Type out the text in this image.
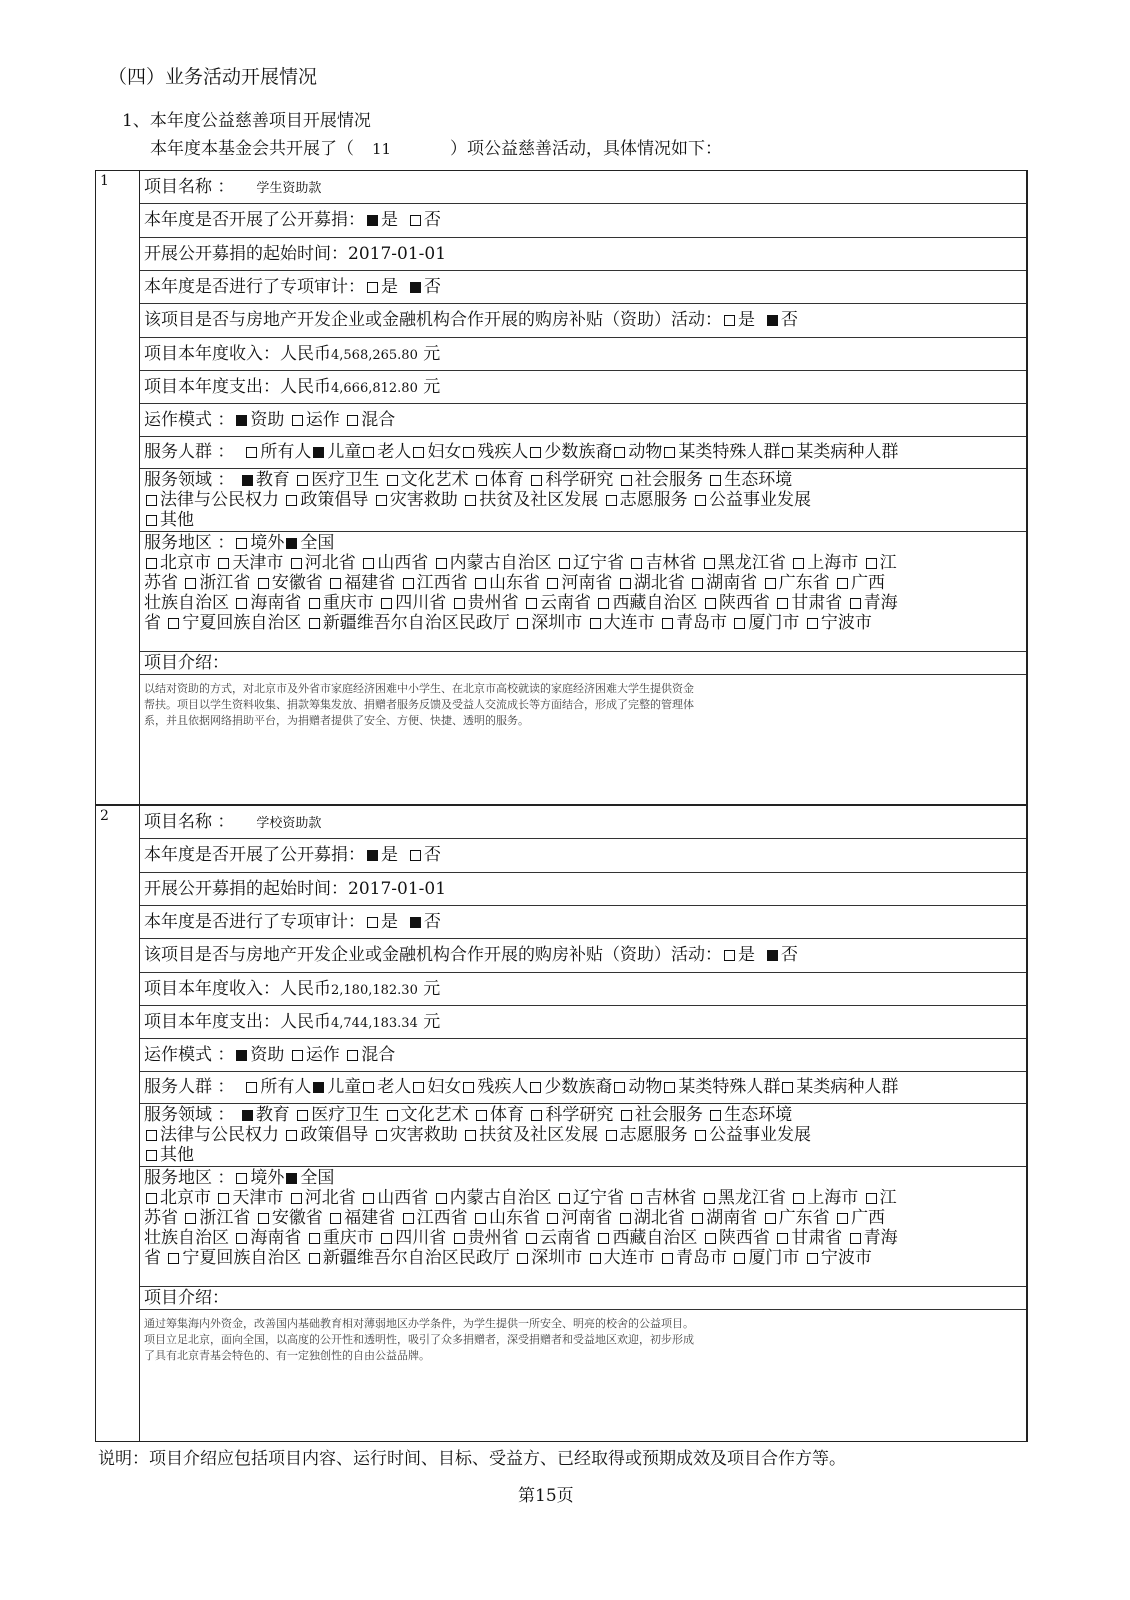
（四）业务活动开展情况
1、本年度公益慈善项目开展情况
本年度本基金会共开展了（ 11	）项公益慈善活动，具体情况如下：
1	项目名称 ： 学生资助款
本年度是否开展了公开募捐： 是 否
开展公开募捐的起始时间：2017-01-01
本年度是否进行了专项审计： 是 否
该项目是否与房地产开发企业或金融机构合作开展的购房补贴（资助）活动： 是 否
项目本年度收入：人民币4,568,265.80 元
项目本年度支出：人民币4,666,812.80 元
运作模式 ： 资助 运作 混合
服务人群 ： 所有人 儿童 老人 妇女 残疾人 少数族裔 动物 某类特殊人群 某类病种人群
服务领域 ： 教育 医疗卫生 文化艺术 体育 科学研究 社会服务 生态环境
法律与公民权力 政策倡导 灾害救助 扶贫及社区发展 志愿服务 公益事业发展
其他
服务地区 ： 境外 全国
北京市 天津市 河北省 山西省 内蒙古自治区 辽宁省 吉林省 黑龙江省 上海市 江
苏省 浙江省 安徽省 福建省 江西省 山东省 河南省 湖北省 湖南省 广东省 广西
壮族自治区 海南省 重庆市 四川省 贵州省 云南省 西藏自治区 陕西省 甘肃省 青海
省 宁夏回族自治区 新疆维吾尔自治区民政厅 深圳市 大连市 青岛市 厦门市 宁波市
项目介绍：
以结对资助的方式，对北京市及外省市家庭经济困难中小学生、在北京市高校就读的家庭经济困难大学生提供资金
帮扶。项目以学生资料收集、捐款筹集发放、捐赠者服务反馈及受益人交流成长等方面结合，形成了完整的管理体
系，并且依据网络捐助平台，为捐赠者提供了安全、方便、快捷、透明的服务。
2	项目名称 ： 学校资助款
本年度是否开展了公开募捐： 是 否
开展公开募捐的起始时间：2017-01-01
本年度是否进行了专项审计： 是 否
该项目是否与房地产开发企业或金融机构合作开展的购房补贴（资助）活动： 是 否
项目本年度收入：人民币2,180,182.30 元
项目本年度支出：人民币4,744,183.34 元
运作模式 ： 资助 运作 混合
服务人群 ： 所有人 儿童 老人 妇女 残疾人 少数族裔 动物 某类特殊人群 某类病种人群
服务领域 ： 教育 医疗卫生 文化艺术 体育 科学研究 社会服务 生态环境
法律与公民权力 政策倡导 灾害救助 扶贫及社区发展 志愿服务 公益事业发展
其他
服务地区 ： 境外 全国
北京市 天津市 河北省 山西省 内蒙古自治区 辽宁省 吉林省 黑龙江省 上海市 江
苏省 浙江省 安徽省 福建省 江西省 山东省 河南省 湖北省 湖南省 广东省 广西
壮族自治区 海南省 重庆市 四川省 贵州省 云南省 西藏自治区 陕西省 甘肃省 青海
省 宁夏回族自治区 新疆维吾尔自治区民政厅 深圳市 大连市 青岛市 厦门市 宁波市
项目介绍：
通过筹集海内外资金，改善国内基础教育相对薄弱地区办学条件，为学生提供一所安全、明亮的校舍的公益项目。
项目立足北京，面向全国，以高度的公开性和透明性，吸引了众多捐赠者，深受捐赠者和受益地区欢迎，初步形成
了具有北京青基会特色的、有一定独创性的自由公益品牌。
说明：项目介绍应包括项目内容、运行时间、目标、受益方、已经取得或预期成效及项目合作方等。
第15页
